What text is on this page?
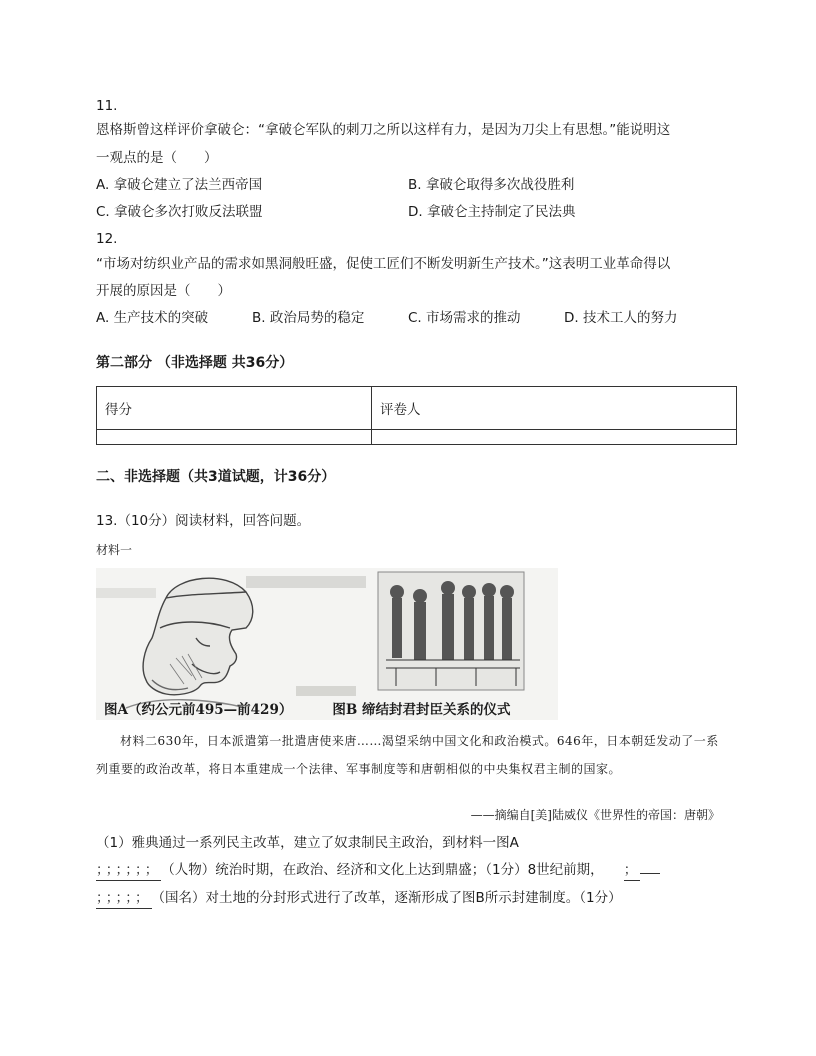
11.
恩格斯曾这样评价拿破仑：“拿破仑军队的刺刀之所以这样有力，是因为刀尖上有思想。”能说明这
一观点的是（　　）
A. 拿破仑建立了法兰西帝国	B. 拿破仑取得多次战役胜利
C. 拿破仑多次打败反法联盟	D. 拿破仑主持制定了民法典
12.
“市场对纺织业产品的需求如黑洞般旺盛，促使工匠们不断发明新生产技术。”这表明工业革命得以
开展的原因是（　　）
A. 生产技术的突破	B. 政治局势的稳定	C. 市场需求的推动	D. 技术工人的努力
第二部分 （非选择题 共36分）
得分	评卷人

二、非选择题（共3道试题，计36分）
13.（10分）阅读材料，回答问题。
材料一
图A（约公元前495—前429）	图B 缔结封君封臣关系的仪式
材料二630年，日本派遣第一批遣唐使来唐……渴望采纳中国文化和政治模式。646年，日本朝廷发动了一系列重要的政治改革，将日本重建成一个法律、军事制度等和唐朝相似的中央集权君主制的国家。
——摘编自[美]陆威仪《世界性的帝国：唐朝》
（1）雅典通过一系列民主改革，建立了奴隶制民主政治，到材料一图A
；；；；；；（人物）统治时期，在政治、经济和文化上达到鼎盛；（1分）8世纪前期， ；
；；；；；（国名）对土地的分封形式进行了改革，逐渐形成了图B所示封建制度。（1分）
